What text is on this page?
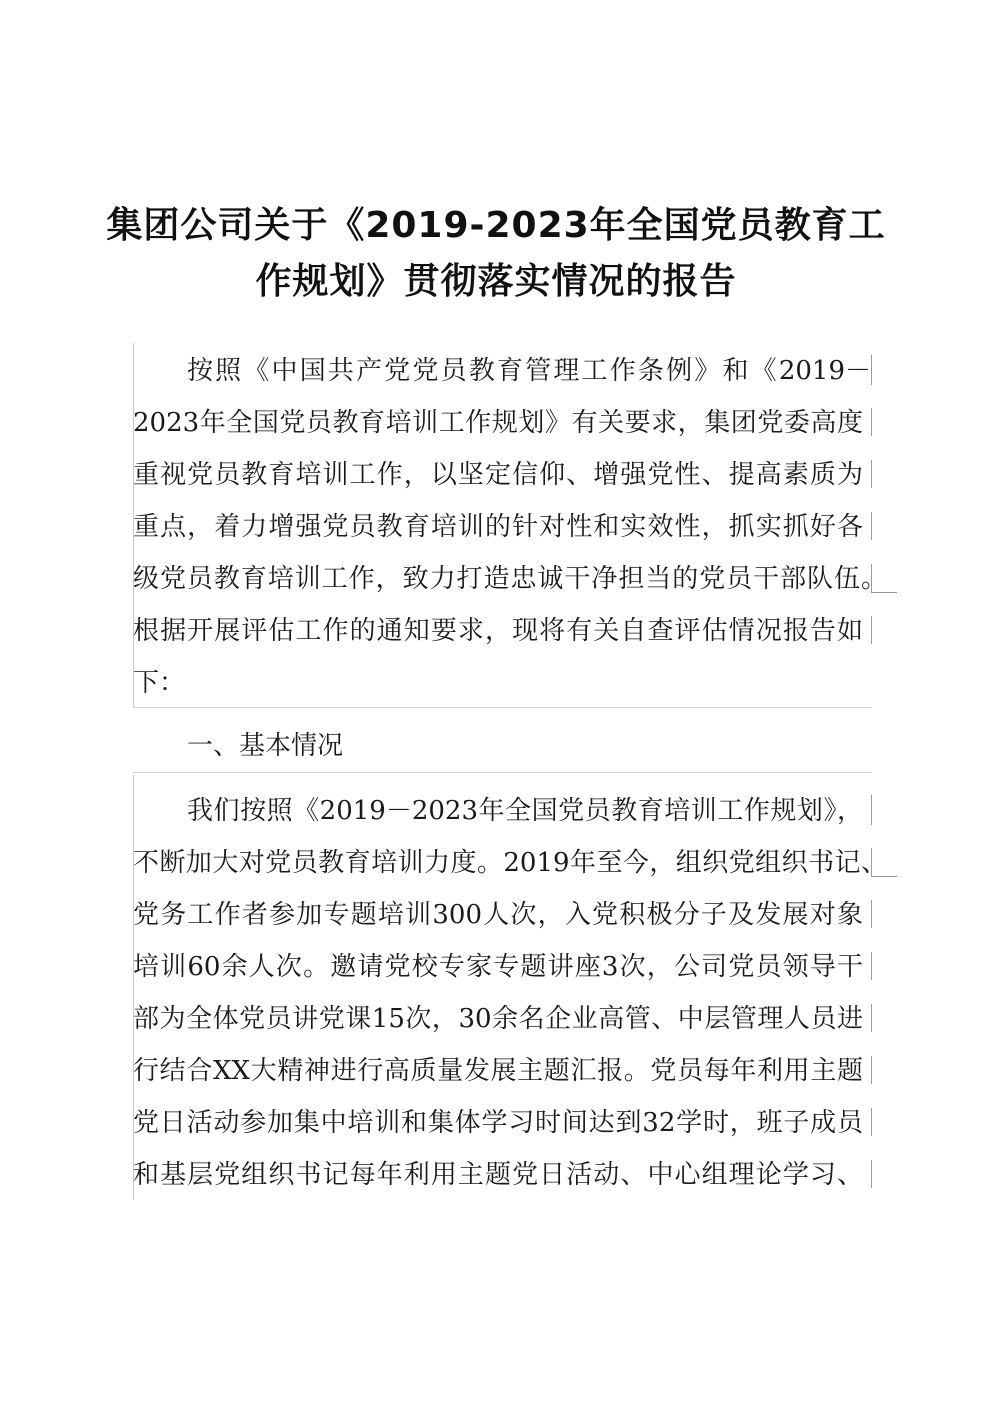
集团公司关于《2019-2023年全国党员教育工
作规划》贯彻落实情况的报告
按照《中国共产党党员教育管理工作条例》和《2019－
2023年全国党员教育培训工作规划》有关要求，集团党委高度
重视党员教育培训工作，以坚定信仰、增强党性、提高素质为
重点，着力增强党员教育培训的针对性和实效性，抓实抓好各
级党员教育培训工作，致力打造忠诚干净担当的党员干部队伍。
根据开展评估工作的通知要求，现将有关自查评估情况报告如
下：
一、基本情况
我们按照《2019－2023年全国党员教育培训工作规划》，
不断加大对党员教育培训力度。2019年至今，组织党组织书记、
党务工作者参加专题培训300人次，入党积极分子及发展对象
培训60余人次。邀请党校专家专题讲座3次，公司党员领导干
部为全体党员讲党课15次，30余名企业高管、中层管理人员进
行结合XX大精神进行高质量发展主题汇报。党员每年利用主题
党日活动参加集中培训和集体学习时间达到32学时，班子成员
和基层党组织书记每年利用主题党日活动、中心组理论学习、
